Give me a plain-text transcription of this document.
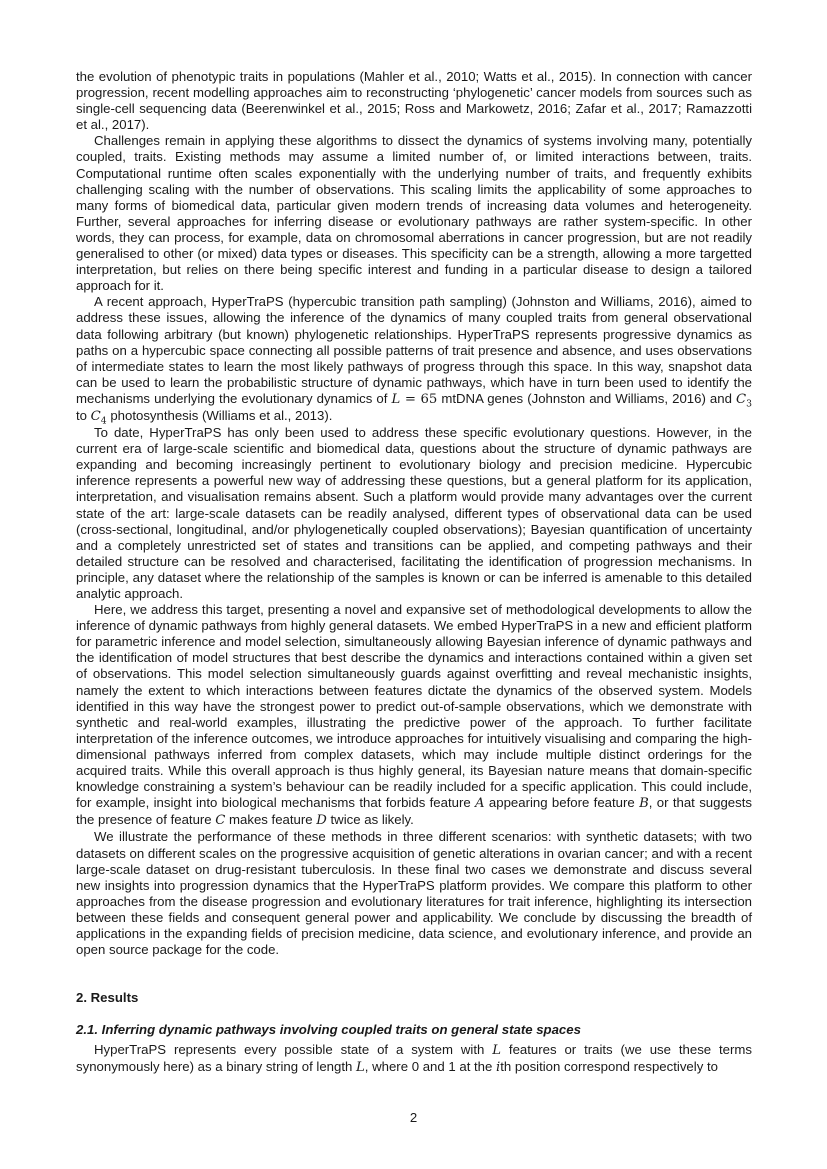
the evolution of phenotypic traits in populations (Mahler et al., 2010; Watts et al., 2015). In connection with cancer progression, recent modelling approaches aim to reconstructing ‘phylogenetic’ cancer models from sources such as single-cell sequencing data (Beerenwinkel et al., 2015; Ross and Markowetz, 2016; Zafar et al., 2017; Ramazzotti et al., 2017).

Challenges remain in applying these algorithms to dissect the dynamics of systems involving many, potentially coupled, traits. Existing methods may assume a limited number of, or limited interactions between, traits. Computational runtime often scales exponentially with the underlying number of traits, and frequently exhibits challenging scaling with the number of observations. This scaling limits the applicability of some approaches to many forms of biomedical data, particular given modern trends of increasing data volumes and heterogeneity. Further, several approaches for inferring disease or evolutionary pathways are rather system-specific. In other words, they can process, for example, data on chromosomal aberrations in cancer progression, but are not readily generalised to other (or mixed) data types or diseases. This specificity can be a strength, allowing a more targetted interpretation, but relies on there being specific interest and funding in a particular disease to design a tailored approach for it.

A recent approach, HyperTraPS (hypercubic transition path sampling) (Johnston and Williams, 2016), aimed to address these issues, allowing the inference of the dynamics of many coupled traits from general observational data following arbitrary (but known) phylogenetic relationships. HyperTraPS represents progressive dynamics as paths on a hypercubic space connecting all possible patterns of trait presence and absence, and uses observations of intermediate states to learn the most likely pathways of progress through this space. In this way, snapshot data can be used to learn the probabilistic structure of dynamic pathways, which have in turn been used to identify the mechanisms underlying the evolutionary dynamics of L = 65 mtDNA genes (Johnston and Williams, 2016) and $C_3$ to $C_4$ photosynthesis (Williams et al., 2013).

To date, HyperTraPS has only been used to address these specific evolutionary questions. However, in the current era of large-scale scientific and biomedical data, questions about the structure of dynamic pathways are expanding and becoming increasingly pertinent to evolutionary biology and precision medicine. Hypercubic inference represents a powerful new way of addressing these questions, but a general platform for its application, interpretation, and visualisation remains absent. Such a platform would provide many advantages over the current state of the art: large-scale datasets can be readily analysed, different types of observational data can be used (cross-sectional, longitudinal, and/or phylogenetically coupled observations); Bayesian quantification of uncertainty and a completely unrestricted set of states and transitions can be applied, and competing pathways and their detailed structure can be resolved and characterised, facilitating the identification of progression mechanisms. In principle, any dataset where the relationship of the samples is known or can be inferred is amenable to this detailed analytic approach.

Here, we address this target, presenting a novel and expansive set of methodological developments to allow the inference of dynamic pathways from highly general datasets. We embed HyperTraPS in a new and efficient platform for parametric inference and model selection, simultaneously allowing Bayesian inference of dynamic pathways and the identification of model structures that best describe the dynamics and interactions contained within a given set of observations. This model selection simultaneously guards against overfitting and reveal mechanistic insights, namely the extent to which interactions between features dictate the dynamics of the observed system. Models identified in this way have the strongest power to predict out-of-sample observations, which we demonstrate with synthetic and real-world examples, illustrating the predictive power of the approach. To further facilitate interpretation of the inference outcomes, we introduce approaches for intuitively visualising and comparing the high-dimensional pathways inferred from complex datasets, which may include multiple distinct orderings for the acquired traits. While this overall approach is thus highly general, its Bayesian nature means that domain-specific knowledge constraining a system’s behaviour can be readily included for a specific application. This could include, for example, insight into biological mechanisms that forbids feature A appearing before feature B, or that suggests the presence of feature C makes feature D twice as likely.

We illustrate the performance of these methods in three different scenarios: with synthetic datasets; with two datasets on different scales on the progressive acquisition of genetic alterations in ovarian cancer; and with a recent large-scale dataset on drug-resistant tuberculosis. In these final two cases we demonstrate and discuss several new insights into progression dynamics that the HyperTraPS platform provides. We compare this platform to other approaches from the disease progression and evolutionary literatures for trait inference, highlighting its intersection between these fields and consequent general power and applicability. We conclude by discussing the breadth of applications in the expanding fields of precision medicine, data science, and evolutionary inference, and provide an open source package for the code.

2. Results
2.1. Inferring dynamic pathways involving coupled traits on general state spaces

HyperTraPS represents every possible state of a system with L features or traits (we use these terms synonymously here) as a binary string of length L, where 0 and 1 at the ith position correspond respectively to

2
